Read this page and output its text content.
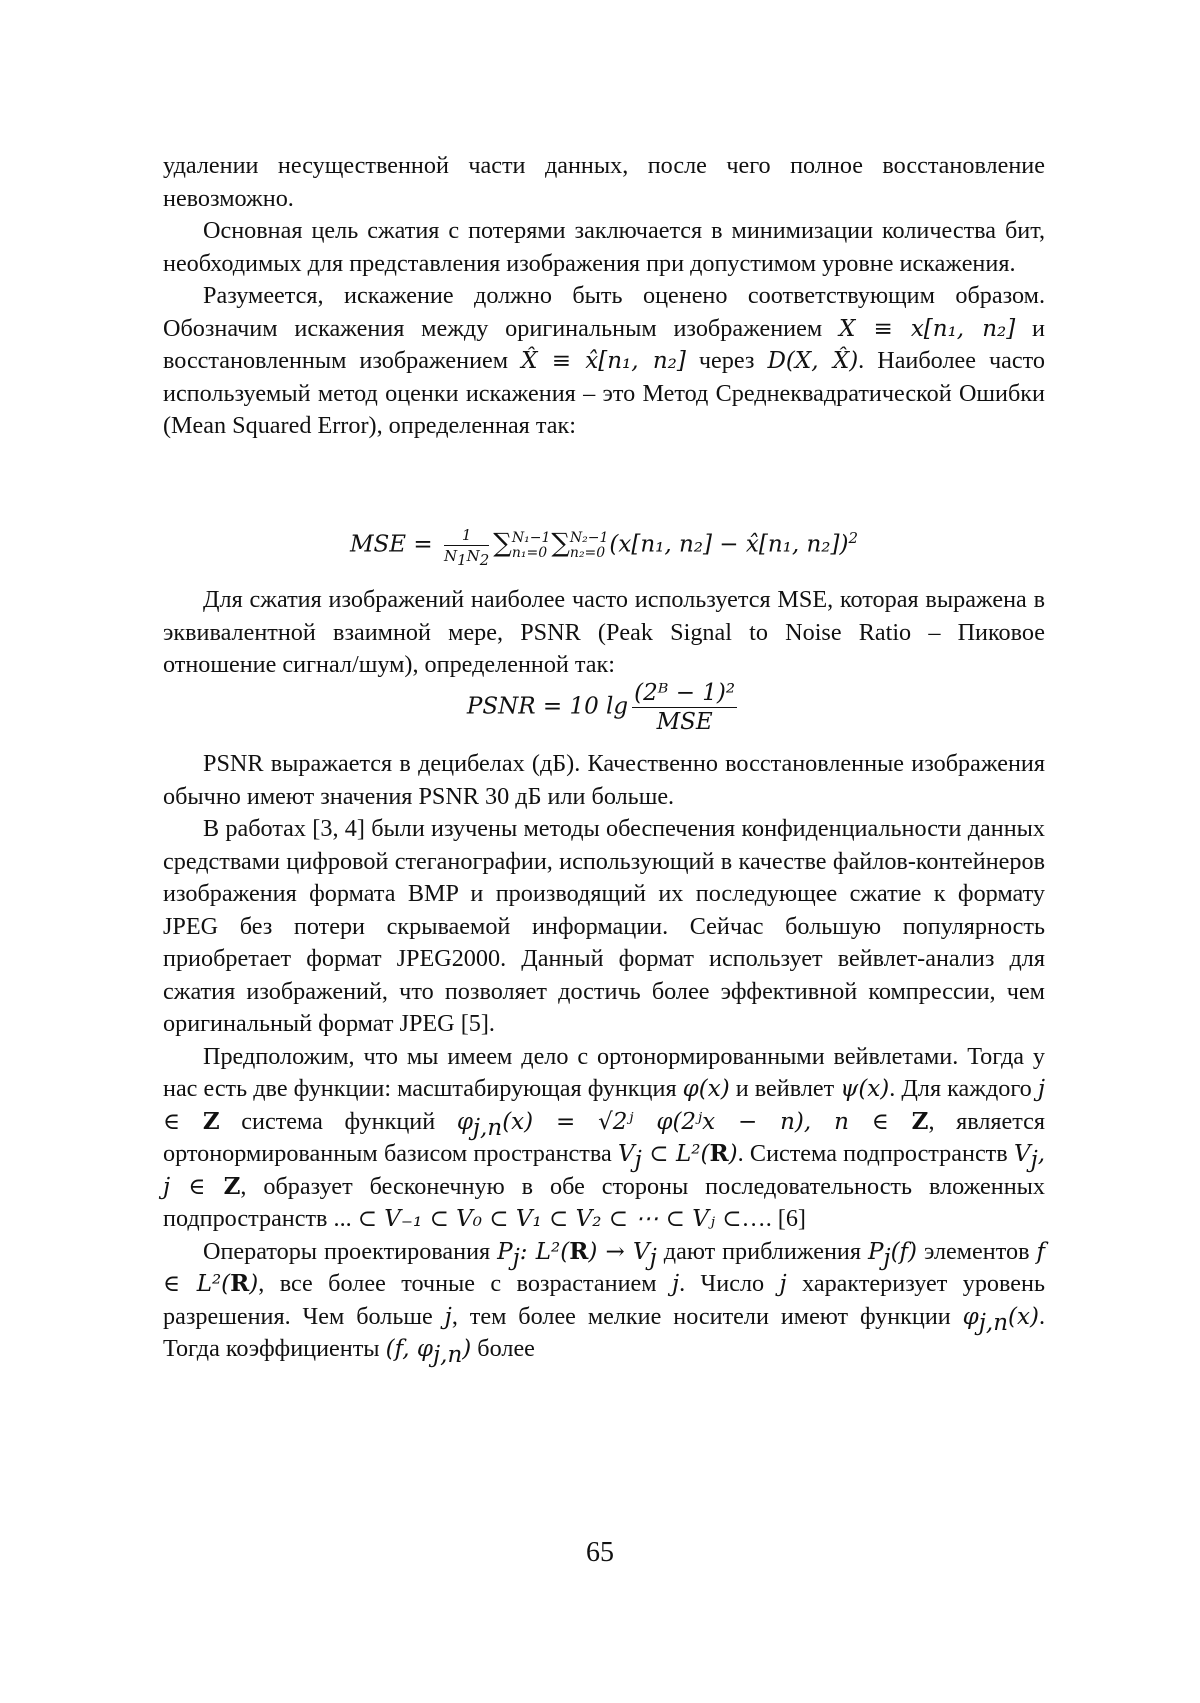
удалении несущественной части данных, после чего полное восстановление невозможно.

Основная цель сжатия с потерями заключается в минимизации количества бит, необходимых для представления изображения при допустимом уровне искажения.

Разумеется, искажение должно быть оценено соответствующим образом. Обозначим искажения между оригинальным изображением X ≡ x[n₁, n₂] и восстановленным изображением X̂ ≡ x̂[n₁, n₂] через D(X, X̂). Наиболее часто используемый метод оценки искажения – это Метод Среднеквадратической Ошибки (Mean Squared Error), определенная так:

MSE = $\frac{1}{N_1N_2}$ ∑ N₁−1
n₁=0 ∑ N₂−1
n₂=0 (x[n₁, n₂] − x̂[n₁, n₂])$^2$

Для сжатия изображений наиболее часто используется MSE, которая выражена в эквивалентной взаимной мере, PSNR (Peak Signal to Noise Ratio – Пиковое отношение сигнал/шум), определенной так:

PSNR = 10 $\lg \frac{\text{(2ᴮ − 1)²}}{\text{MSE}}$

PSNR выражается в децибелах (дБ). Качественно восстановленные изображения обычно имеют значения PSNR 30 дБ или больше.

В работах [3, 4] были изучены методы обеспечения конфиденциальности данных средствами цифровой стеганографии, использующий в качестве файлов-контейнеров изображения формата BMP и производящий их последующее сжатие к формату JPEG без потери скрываемой информации. Сейчас большую популярность приобретает формат JPEG2000. Данный формат использует вейвлет-анализ для сжатия изображений, что позволяет достичь более эффективной компрессии, чем оригинальный формат JPEG [5].

Предположим, что мы имеем дело с ортонормированными вейвлетами. Тогда у нас есть две функции: масштабирующая функция φ(x) и вейвлет ψ(x). Для каждого j ∈ Z система функций $\varphi_{j,n}(x)$ = √2ʲ φ(2ʲx − n), n ∈ Z, является ортонормированным базисом пространства $V_j$ ⊂ L²(R). Система подпространств $V_j$, j ∈ Z, образует бесконечную в обе стороны последовательность вложенных подпространств ... ⊂ V₋₁ ⊂ V₀ ⊂ V₁ ⊂ V₂ ⊂ ⋯ ⊂ Vⱼ ⊂…. [6]

Операторы проектирования $P_j$: $L^2(R) \to V_j$ дают приближения $P_j(f)$ элементов f ∈ L²(R), все более точные с возрастанием j. Число j характеризует уровень разрешения. Чем больше j, тем более мелкие носители имеют функции $\varphi_{j,n}(x)$. Тогда коэффициенты (f, $\varphi_{j,n}$) более

65
